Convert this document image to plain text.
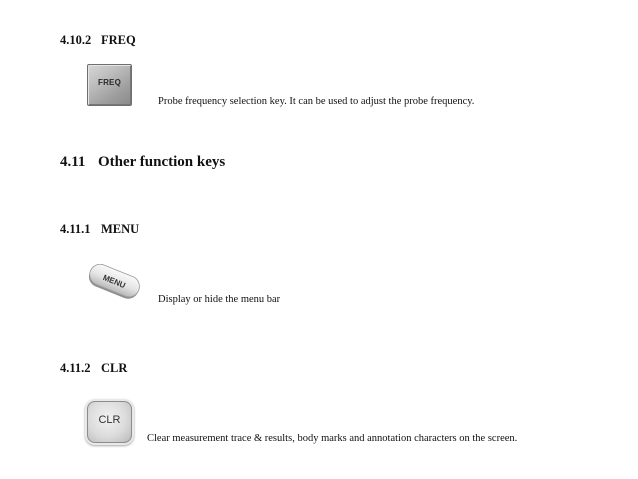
4.10.2 FREQ
FREQ

Probe frequency selection key. It can be used to adjust the probe frequency.

4.11 Other function keys
4.11.1 MENU
MENU

Display or hide the menu bar

4.11.2 CLR
CLR

Clear measurement trace & results, body marks and annotation characters on the screen.
